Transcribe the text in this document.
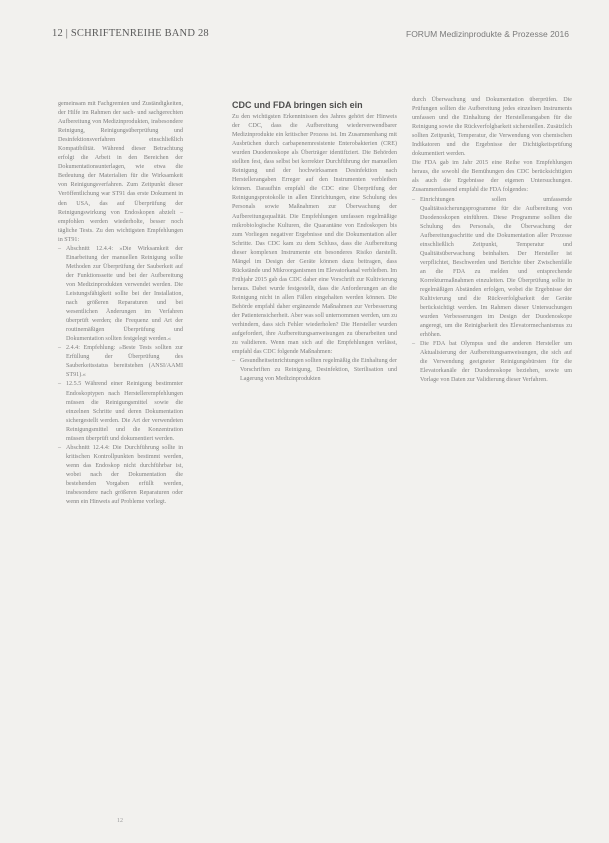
12 | SCHRIFTENREIHE BAND 28	FORUM Medizinprodukte & Prozesse 2016

gemeinsam mit Fachgremien und Zuständigkeiten, der Hilfe im Rahmen der sach- und sachgerechten Aufbereitung von Medizinprodukten, insbesondere Reinigung, Reinigungsüberprüfung und Desinfektionsverfahren einschließlich Kompatibilität. Während dieser Betrachtung erfolgt die Arbeit in den Bereichen der Dokumentationsunterlagen, wie etwa die Bedeutung der Materialien für die Wirksamkeit von Reinigungsverfahren. Zum Zeitpunkt dieser Veröffentlichung war ST91 das erste Dokument in den USA, das auf Überprüfung der Reinigungswirkung von Endoskopen abzielt – empfohlen werden wiederholte, besser noch tägliche Tests. Zu den wichtigsten Empfehlungen in ST91:

– Abschnitt 12.4.4: »Die Wirksamkeit der Einarbeitung der manuellen Reinigung sollte Methoden zur Überprüfung der Sauberkeit auf der Funktionsseite und bei der Aufbereitung von Medizinprodukten verwendet werden. Die Leistungsfähigkeit sollte bei der Installation, nach größeren Reparaturen und bei wesentlichen Änderungen im Verfahren überprüft werden; die Frequenz und Art der routinemäßigen Überprüfung und Dokumentation sollten festgelegt werden.«
– 2.4.4: Empfehlung: »Beste Tests sollten zur Erfüllung der Überprüfung des Sauberkeitsstatus bereitstehen (ANSI/AAMI ST91).«
– 12.5.5 Während einer Reinigung bestimmter Endoskoptypen nach Herstellerempfehlungen müssen die Reinigungsmittel sowie die einzelnen Schritte und deren Dokumentation sichergestellt werden. Die Art der verwendeten Reinigungsmittel und die Konzentration müssen überprüft und dokumentiert werden.
– Abschnitt 12.4.4: Die Durchführung sollte in kritischen Kontrollpunkten bestimmt werden, wenn das Endoskop nicht durchführbar ist, wobei nach der Dokumentation die bestehenden Vorgaben erfüllt werden, insbesondere nach größeren Reparaturen oder wenn ein Hinweis auf Probleme vorliegt.
CDC und FDA bringen sich ein

Zu den wichtigsten Erkenntnissen des Jahres gehört der Hinweis der CDC, dass die Aufbereitung wiederverwendbarer Medizinprodukte ein kritischer Prozess ist. Im Zusammenhang mit Ausbrüchen durch carbapenemresistente Enterobakterien (CRE) wurden Duodenoskope als Überträger identifiziert. Die Behörden stellten fest, dass selbst bei korrekter Durchführung der manuellen Reinigung und der hochwirksamen Desinfektion nach Herstellerangaben Erreger auf den Instrumenten verbleiben können. Daraufhin empfahl die CDC eine Überprüfung der Reinigungsprotokolle in allen Einrichtungen, eine Schulung des Personals sowie Maßnahmen zur Überwachung der Aufbereitungsqualität. Die Empfehlungen umfassen regelmäßige mikrobiologische Kulturen, die Quarantäne von Endoskopen bis zum Vorliegen negativer Ergebnisse und die Dokumentation aller Schritte. Das CDC kam zu dem Schluss, dass die Aufbereitung dieser komplexen Instrumente ein besonderes Risiko darstellt. Mängel im Design der Geräte können dazu beitragen, dass Rückstände und Mikroorganismen im Elevatorkanal verbleiben. Im Frühjahr 2015 gab das CDC daher eine Vorschrift zur Kultivierung heraus. Dabei wurde festgestellt, dass die Anforderungen an die Reinigung nicht in allen Fällen eingehalten werden können. Die Behörde empfahl daher ergänzende Maßnahmen zur Verbesserung der Patientensicherheit. Aber was soll unternommen werden, um zu verhindern, dass sich Fehler wiederholen? Die Hersteller wurden aufgefordert, ihre Aufbereitungsanweisungen zu überarbeiten und zu validieren. Wenn man sich auf die Empfehlungen verlässt, empfahl das CDC folgende Maßnahmen:

– Gesundheitseinrichtungen sollten regelmäßig die Einhaltung der Vorschriften zu Reinigung, Desinfektion, Sterilisation und Lagerung von Medizinprodukten

durch Überwachung und Dokumentation überprüfen. Die Prüfungen sollten die Aufbereitung jedes einzelnen Instruments umfassen und die Einhaltung der Herstellerangaben für die Reinigung sowie die Rückverfolgbarkeit sicherstellen. Zusätzlich sollten Zeitpunkt, Temperatur, die Verwendung von chemischen Indikatoren und die Ergebnisse der Dichtigkeitsprüfung dokumentiert werden.

Die FDA gab im Jahr 2015 eine Reihe von Empfehlungen heraus, die sowohl die Bemühungen des CDC berücksichtigten als auch die Ergebnisse der eigenen Untersuchungen. Zusammenfassend empfahl die FDA folgendes:

– Einrichtungen sollen umfassende Qualitätssicherungsprogramme für die Aufbereitung von Duodenoskopen einführen. Diese Programme sollten die Schulung des Personals, die Überwachung der Aufbereitungsschritte und die Dokumentation aller Prozesse einschließlich Zeitpunkt, Temperatur und Qualitätsüberwachung beinhalten. Der Hersteller ist verpflichtet, Beschwerden und Berichte über Zwischenfälle an die FDA zu melden und entsprechende Korrekturmaßnahmen einzuleiten. Die Überprüfung sollte in regelmäßigen Abständen erfolgen, wobei die Ergebnisse der Kultivierung und die Rückverfolgbarkeit der Geräte berücksichtigt werden. Im Rahmen dieser Untersuchungen wurden Verbesserungen im Design der Duodenoskope angeregt, um die Reinigbarkeit des Elevatormechanismus zu erhöhen.
– Die FDA bat Olympus und die anderen Hersteller um Aktualisierung der Aufbereitungsanweisungen, die sich auf die Verwendung geeigneter Reinigungsbürsten für die Elevatorkanäle der Duodenoskope beziehen, sowie um Vorlage von Daten zur Validierung dieser Verfahren.
12
